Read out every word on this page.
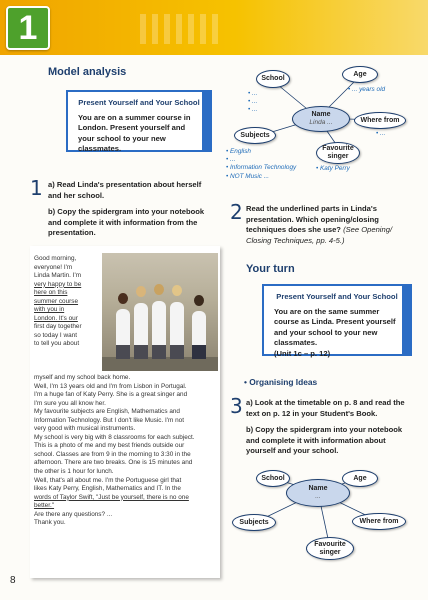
1
Model analysis
Present Yourself and Your School
You are on a summer course in London. Present yourself and your school to your new classmates.
1 a) Read Linda's presentation about herself and her school.

b) Copy the spidergram into your notebook and complete it with information from the presentation.

Good morning,
everyone! I'm
Linda Martin. I'm
very happy to be
here on this
summer course
with you in
London. It's our
first day together
so today I want
to tell you about
myself and my school back home.
Well, I'm 13 years old and I'm from Lisbon in Portugal.
I'm a huge fan of Katy Perry. She is a great singer and
I'm sure you all know her.
My favourite subjects are English, Mathematics and
Information Technology. But I don't like Music. I'm not
very good with musical instruments.
My school is very big with 8 classrooms for each subject.
This is a photo of me and my best friends outside our
school. Classes are from 9 in the morning to 3:30 in the
afternoon. There are two breaks. One is 15 minutes and
the other is 1 hour for lunch.
Well, that's all about me. I'm the Portuguese girl that
likes Katy Perry, English, Mathematics and IT. In the
words of Taylor Swift, "Just be yourself, there is no one
better."
Are there any questions? ...
Thank you.
School
Age
• ... years old
• ...
• ...
• ...
Name
Linda ...	Where from
• ...
Subjects
Favourite singer
• English
• ...
• Information Technology
• NOT Music ...
• Katy Perry
2 Read the underlined parts in Linda's presentation. Which opening/closing techniques does she use? (See Opening/ Closing Techniques, pp. 4-5.)
Your turn
Present Yourself and Your School
You are on the same summer course as Linda. Present yourself and your school to your new classmates.
(Unit 1c – p. 12)
• Organising Ideas
3 a) Look at the timetable on p. 8 and read the text on p. 12 in your Student's Book.

b) Copy the spidergram into your notebook and complete it with information about yourself and your school.

School	Age
Name
...
Where from
Subjects
Favourite singer
8
